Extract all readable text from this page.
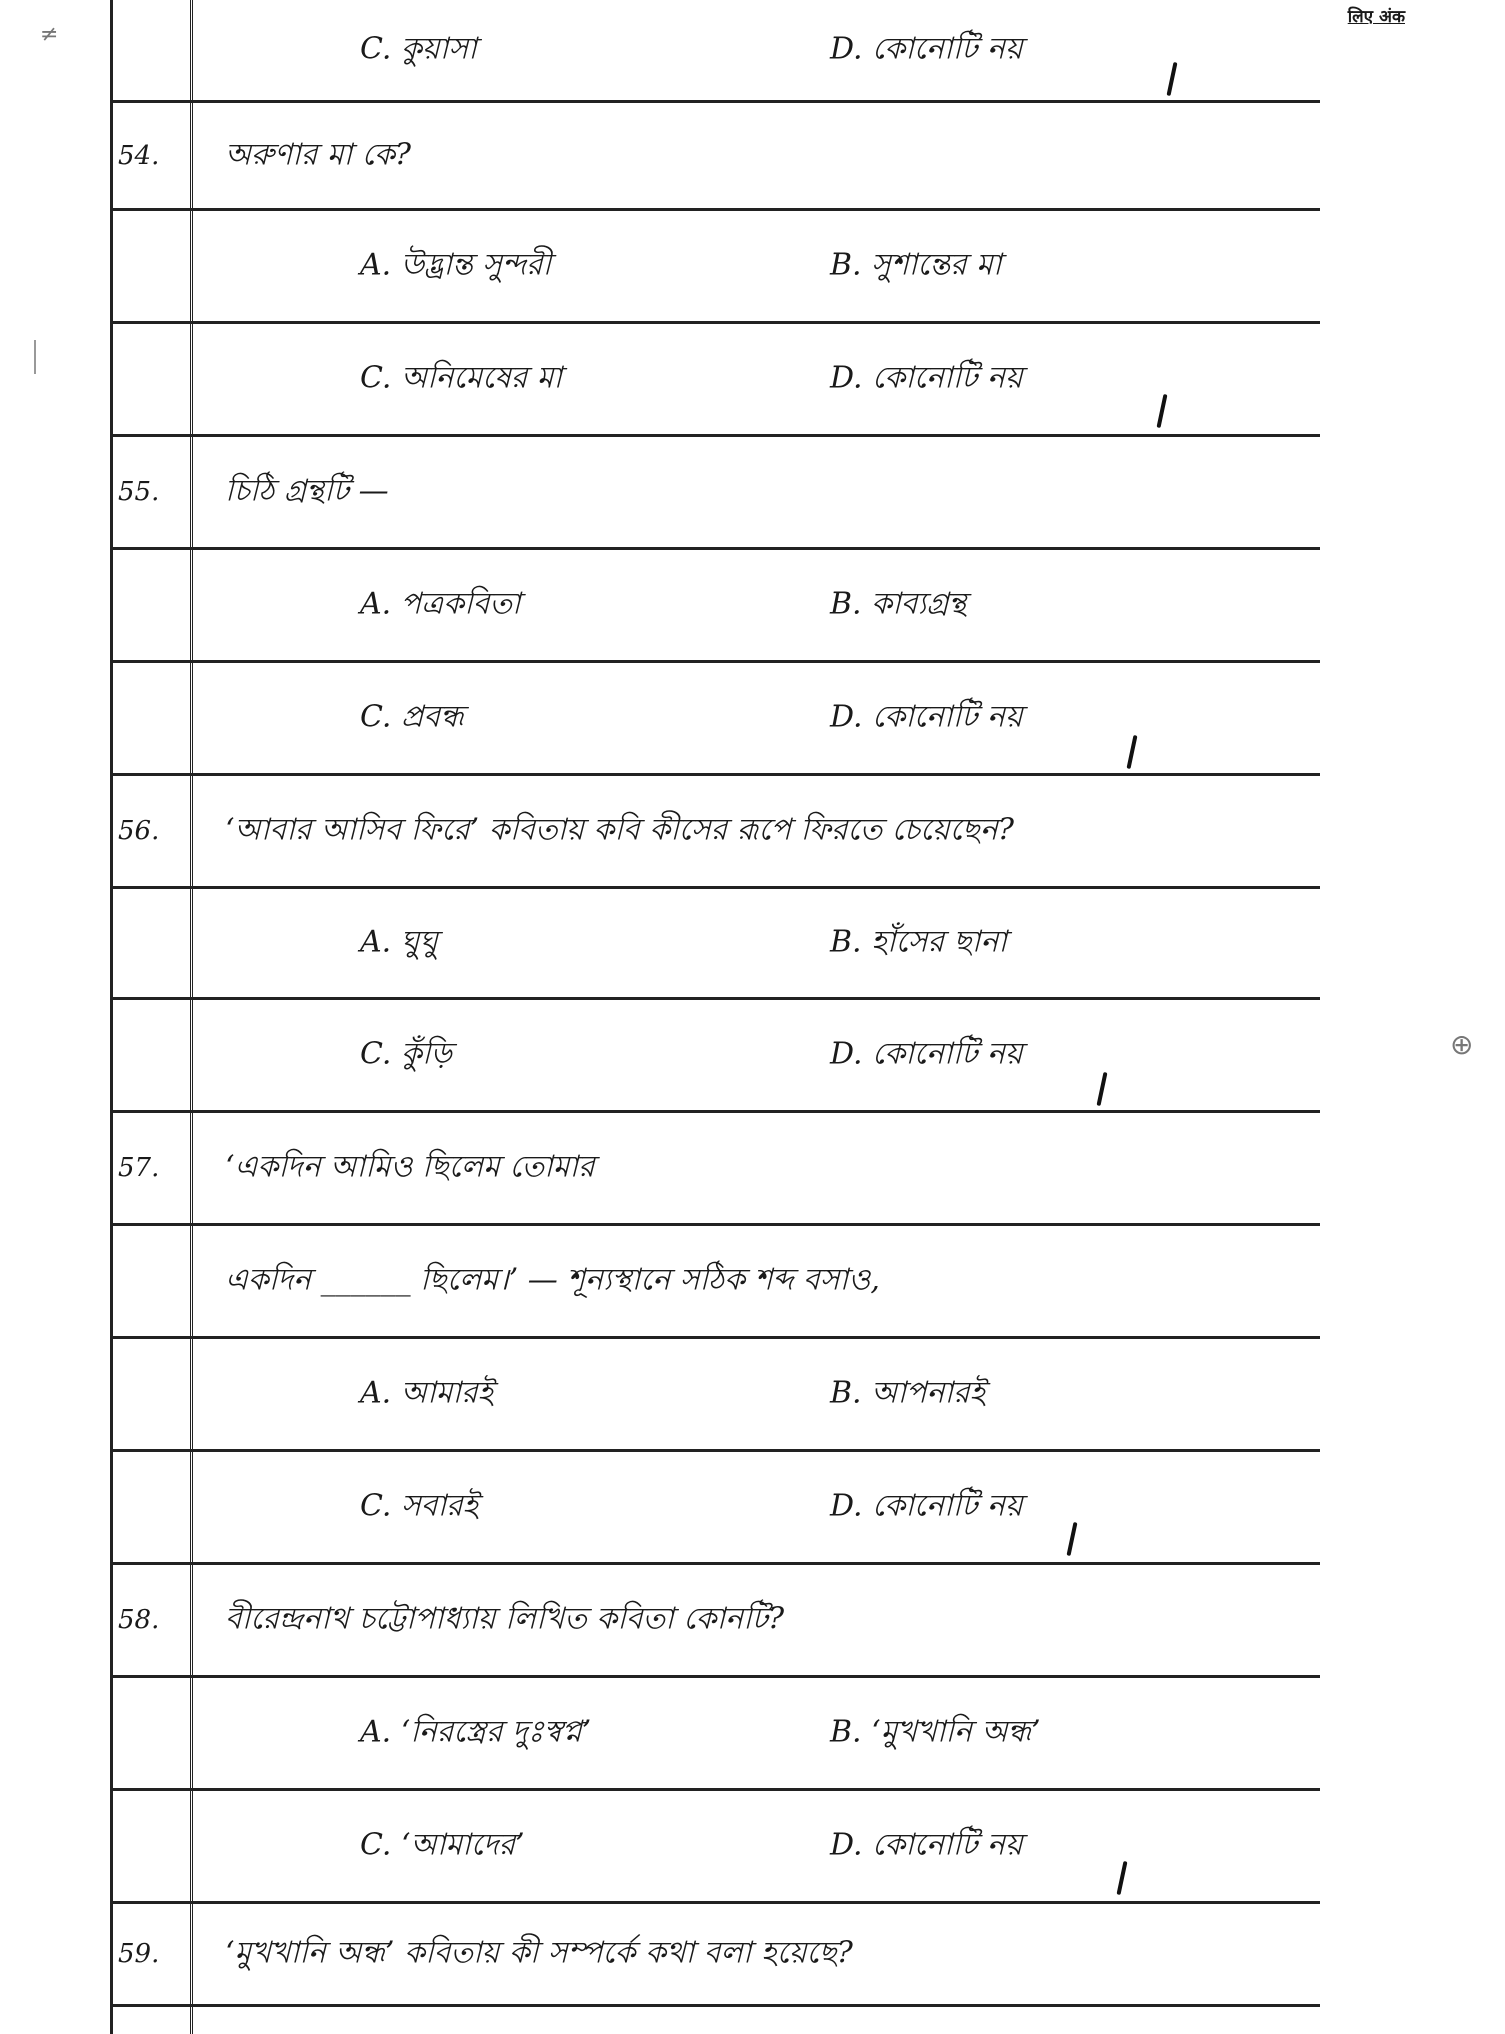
लिए अंक
≠
⊕
C. কুয়াসা	D. কোনোটি নয়
54. অরুণার মা কে?
A. উদ্ভ্রান্ত সুন্দরী	B. সুশান্তের মা
C. অনিমেষের মা	D. কোনোটি নয়
55. চিঠি গ্রন্থটি —
A. পত্রকবিতা	B. কাব্যগ্রন্থ
C. প্রবন্ধ	D. কোনোটি নয়
56. ‘আবার আসিব ফিরে’ কবিতায় কবি কীসের রূপে ফিরতে চেয়েছেন?
A. ঘুঘু	B. হাঁসের ছানা
C. কুঁড়ি	D. কোনোটি নয়
57. ‘একদিন আমিও ছিলেম তোমার
একদিন ______ ছিলেম।’ — শূন্যস্থানে সঠিক শব্দ বসাও,
A. আমারই	B. আপনারই
C. সবারই	D. কোনোটি নয়
58. বীরেন্দ্রনাথ চট্টোপাধ্যায় লিখিত কবিতা কোনটি?
A. ‘নিরস্ত্রের দুঃস্বপ্ন’	B. ‘মুখখানি অন্ধ’
C. ‘আমাদের’	D. কোনোটি নয়
59. ‘মুখখানি অন্ধ’ কবিতায় কী সম্পর্কে কথা বলা হয়েছে?
